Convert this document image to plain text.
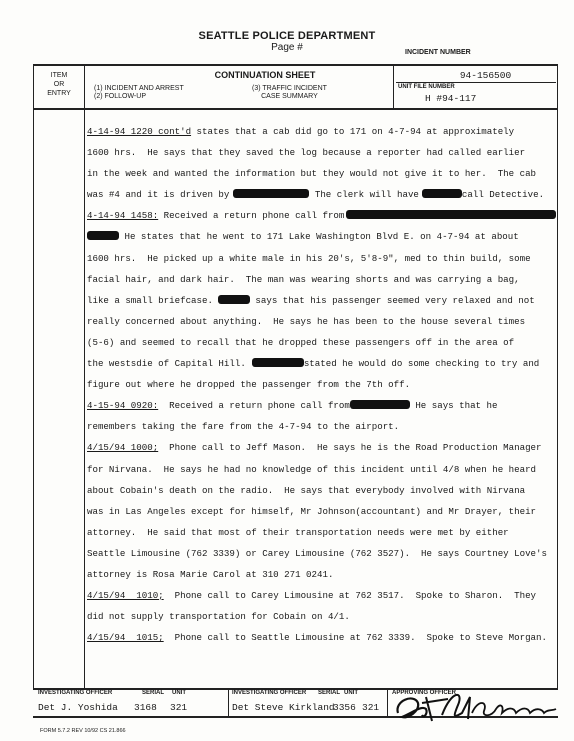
SEATTLE POLICE DEPARTMENT
Page #	INCIDENT NUMBER
ITEM
OR
ENTRY
CONTINUATION SHEET
(1) INCIDENT AND ARREST
(2) FOLLOW-UP
(3) TRAFFIC INCIDENT
CASE SUMMARY
94-156500
UNIT FILE NUMBER
H #94-117
4-14-94 1220 cont'd states that a cab did go to 171 on 4-7-94 at approximately
1600 hrs.  He says that they saved the log because a reporter had called earlier
in the week and wanted the information but they would not give it to her.  The cab
was #4 and it is driven by	The clerk will have	call Detective.
4-14-94 1458: Received a return phone call from
He states that he went to 171 Lake Washington Blvd E. on 4-7-94 at about
1600 hrs.  He picked up a white male in his 20's, 5'8-9", med to thin build, some
facial hair, and dark hair.  The man was wearing shorts and was carrying a bag,
like a small briefcase.	says that his passenger seemed very relaxed and not
really concerned about anything.  He says he has been to the house several times
(5-6) and seemed to recall that he dropped these passengers off in the area of
the westsdie of Capital Hill.	stated he would do some checking to try and
figure out where he dropped the passenger from the 7th off.
4-15-94 0920:  Received a return phone call from	He says that he
remembers taking the fare from the 4-7-94 to the airport.
4/15/94 1000;  Phone call to Jeff Mason.  He says he is the Road Production Manager
for Nirvana.  He says he had no knowledge of this incident until 4/8 when he heard
about Cobain's death on the radio.  He says that everybody involved with Nirvana
was in Las Angeles except for himself, Mr Johnson(accountant) and Mr Drayer, their
attorney.  He said that most of their transportation needs were met by either
Seattle Limousine (762 3339) or Carey Limousine (762 3527).  He says Courtney Love's
attorney is Rosa Marie Carol at 310 271 0241.
4/15/94  1010;  Phone call to Carey Limousine at 762 3517.  Spoke to Sharon.  They
did not supply transportation for Cobain on 4/1.
4/15/94  1015;  Phone call to Seattle Limousine at 762 3339.  Spoke to Steve Morgan.
INVESTIGATING OFFICER	SERIAL UNIT
Det J. Yoshida 3168 321
INVESTIGATING OFFICER SERIAL UNIT
Det Steve Kirkland
3356 321
APPROVING OFFICER
FORM 5.7.2 REV 10/92 CS 21.866
